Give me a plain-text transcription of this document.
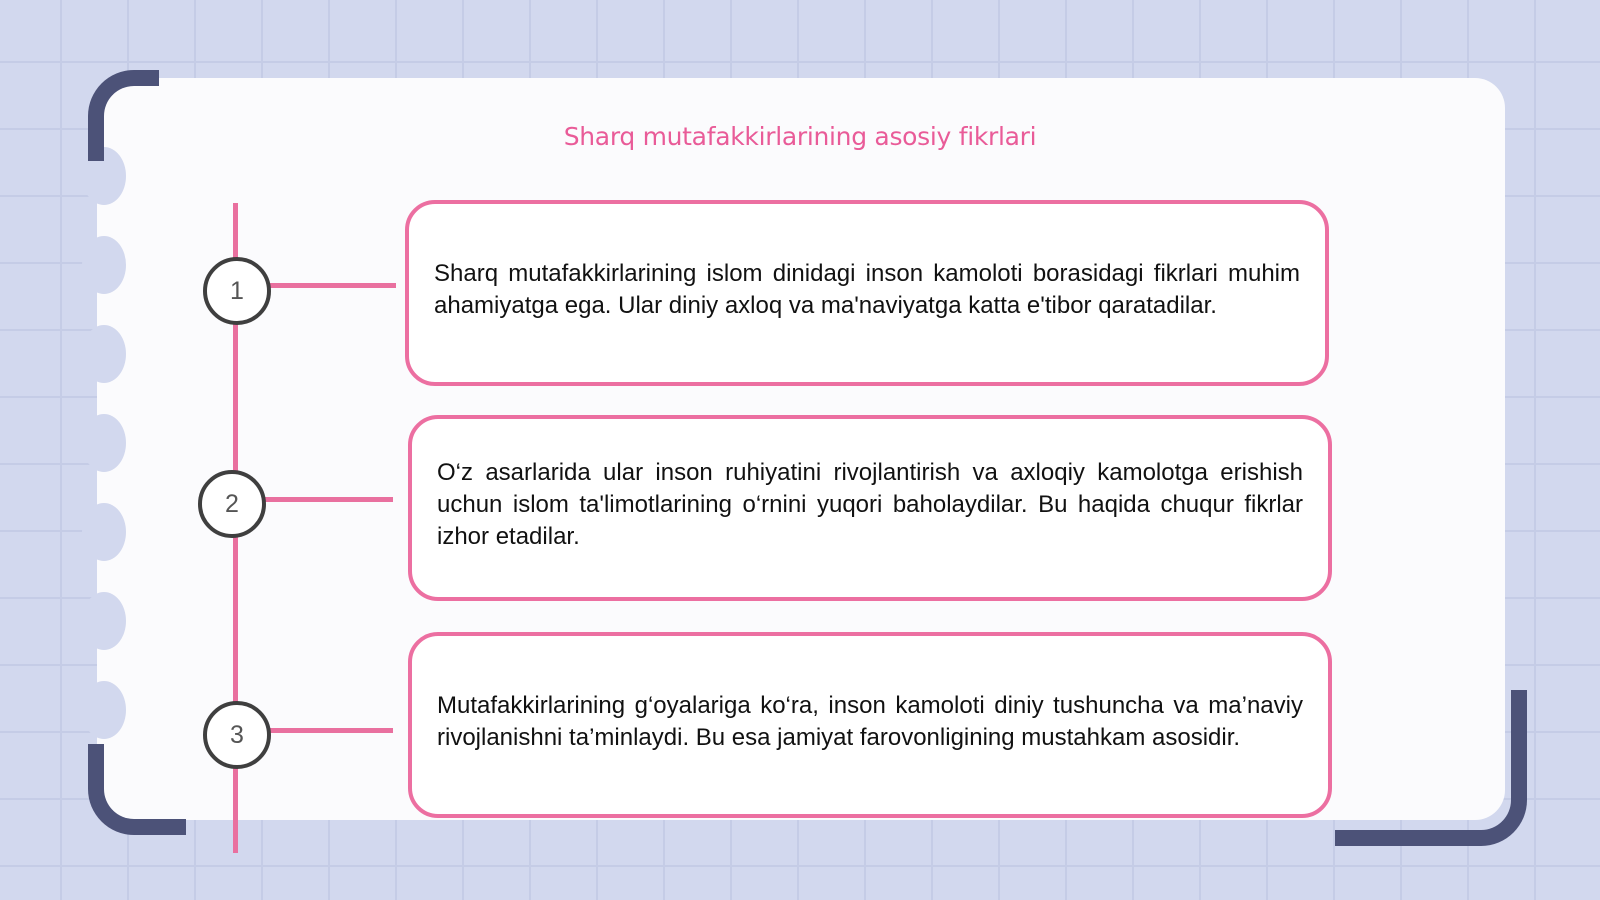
Sharq mutafakkirlarining asosiy fikrlari
1

Sharq mutafakkirlarining islom dinidagi inson kamoloti borasidagi fikrlari muhim ahamiyatga ega. Ular diniy axloq va ma'naviyatga katta e'tibor qaratadilar.

2

O‘z asarlarida ular inson ruhiyatini rivojlantirish va axloqiy kamolotga erishish uchun islom ta'limotlarining o‘rnini yuqori baholaydilar. Bu haqida chuqur fikrlar izhor etadilar.

3

Mutafakkirlarining g‘oyalariga ko‘ra, inson kamoloti diniy tushuncha va ma’naviy rivojlanishni ta’minlaydi. Bu esa jamiyat farovonligining mustahkam asosidir.
